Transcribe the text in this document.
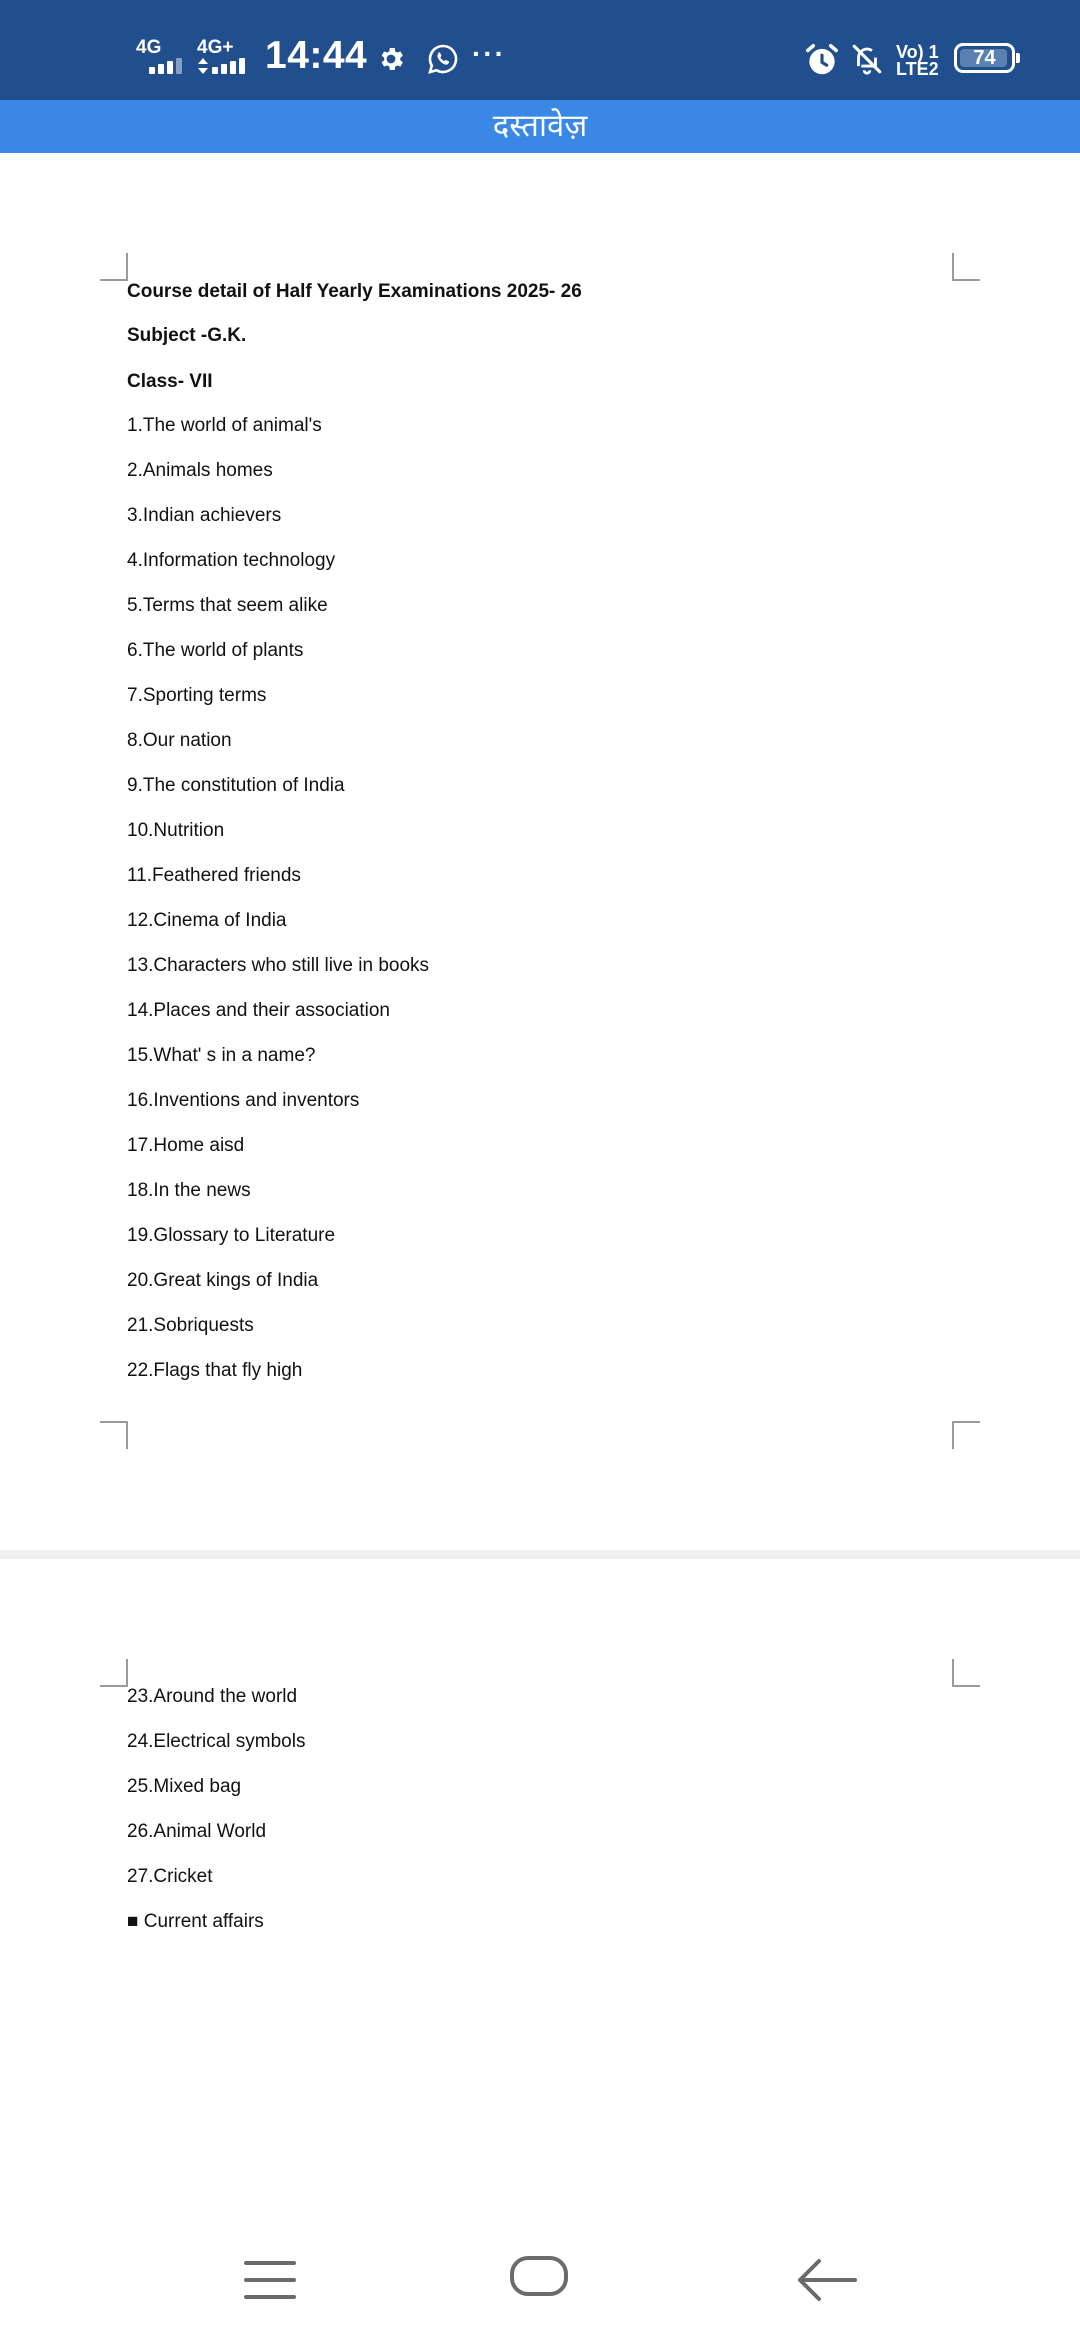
4G 4G+ 14:44	···	Vo) 1
LTE2	74
दस्तावेज़
Course detail of Half Yearly Examinations 2025- 26
Subject -G.K.
Class- VII
1.The world of animal's
2.Animals homes
3.Indian achievers
4.Information technology
5.Terms that seem alike
6.The world of plants
7.Sporting terms
8.Our nation
9.The constitution of India
10.Nutrition
11.Feathered friends
12.Cinema of India
13.Characters who still live in books
14.Places and their association
15.What' s in a name?
16.Inventions and inventors
17.Home aisd
18.In the news
19.Glossary to Literature
20.Great kings of India
21.Sobriquests
22.Flags that fly high
23.Around the world
24.Electrical symbols
25.Mixed bag
26.Animal World
27.Cricket
■ Current affairs
